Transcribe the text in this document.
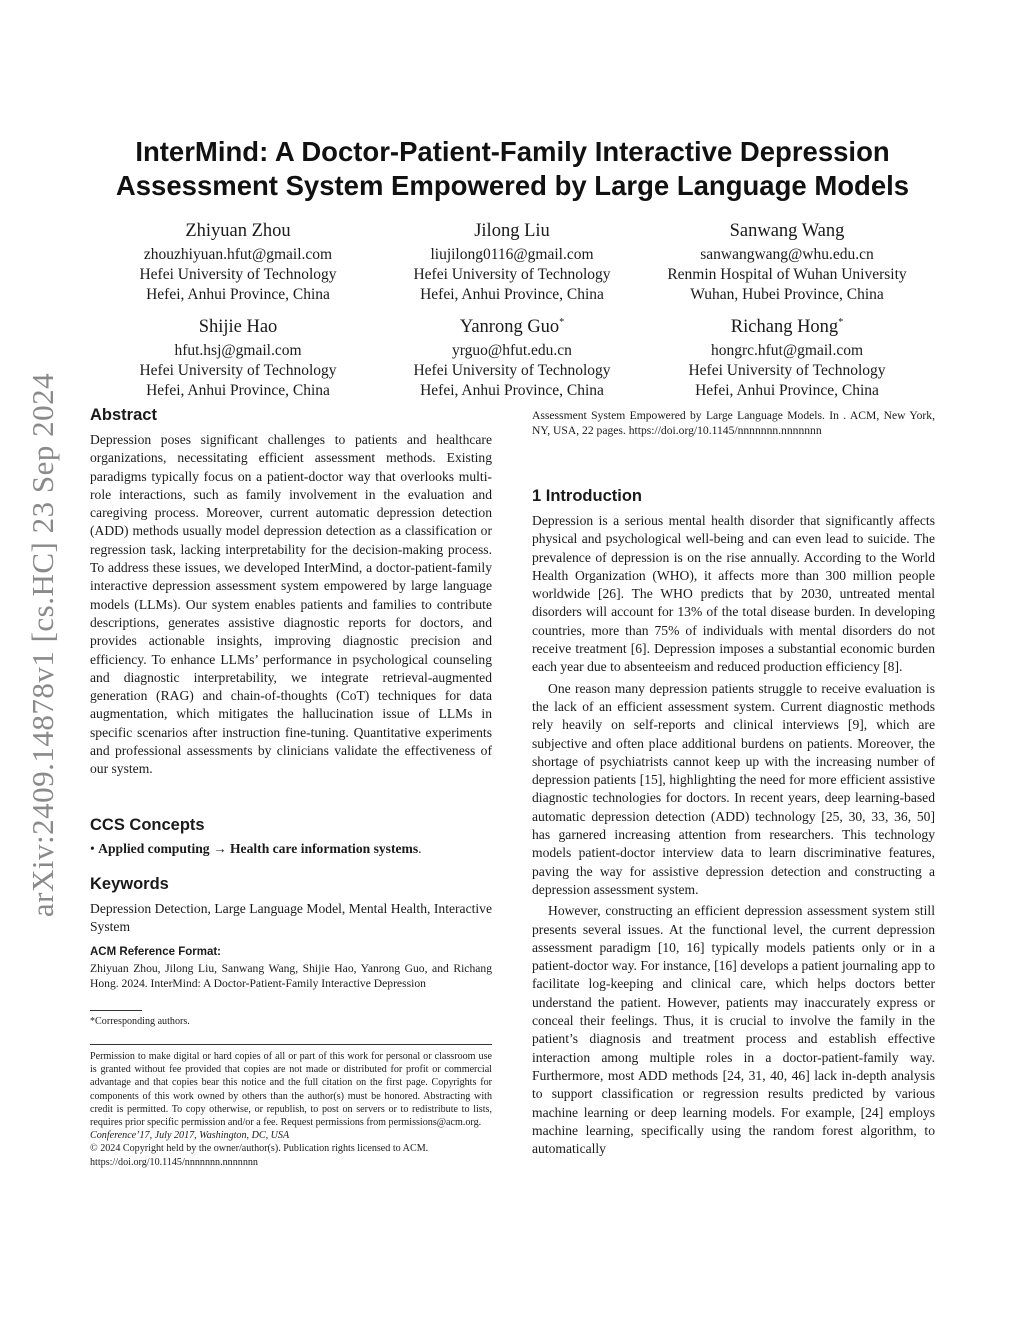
arXiv:2409.14878v1 [cs.HC] 23 Sep 2024
InterMind: A Doctor-Patient-Family Interactive Depression
Assessment System Empowered by Large Language Models
Zhiyuan Zhou
zhouzhiyuan.hfut@gmail.com
Hefei University of Technology
Hefei, Anhui Province, China
Jilong Liu
liujilong0116@gmail.com
Hefei University of Technology
Hefei, Anhui Province, China
Sanwang Wang
sanwangwang@whu.edu.cn
Renmin Hospital of Wuhan University
Wuhan, Hubei Province, China
Shijie Hao
hfut.hsj@gmail.com
Hefei University of Technology
Hefei, Anhui Province, China
Yanrong Guo*
yrguo@hfut.edu.cn
Hefei University of Technology
Hefei, Anhui Province, China
Richang Hong*
hongrc.hfut@gmail.com
Hefei University of Technology
Hefei, Anhui Province, China
Abstract

Depression poses significant challenges to patients and healthcare organizations, necessitating efficient assessment methods. Existing paradigms typically focus on a patient-doctor way that overlooks multi-role interactions, such as family involvement in the evaluation and caregiving process. Moreover, current automatic depression detection (ADD) methods usually model depression detection as a classification or regression task, lacking interpretability for the decision-making process. To address these issues, we developed InterMind, a doctor-patient-family interactive depression assessment system empowered by large language models (LLMs). Our system enables patients and families to contribute descriptions, generates assistive diagnostic reports for doctors, and provides actionable insights, improving diagnostic precision and efficiency. To enhance LLMs’ performance in psychological counseling and diagnostic interpretability, we integrate retrieval-augmented generation (RAG) and chain-of-thoughts (CoT) techniques for data augmentation, which mitigates the hallucination issue of LLMs in specific scenarios after instruction fine-tuning. Quantitative experiments and professional assessments by clinicians validate the effectiveness of our system.

CCS Concepts

• Applied computing → Health care information systems.

Keywords

Depression Detection, Large Language Model, Mental Health, Interactive System

ACM Reference Format:

Zhiyuan Zhou, Jilong Liu, Sanwang Wang, Shijie Hao, Yanrong Guo, and Richang Hong. 2024. InterMind: A Doctor-Patient-Family Interactive Depression

*Corresponding authors.

Permission to make digital or hard copies of all or part of this work for personal or classroom use is granted without fee provided that copies are not made or distributed for profit or commercial advantage and that copies bear this notice and the full citation on the first page. Copyrights for components of this work owned by others than the author(s) must be honored. Abstracting with credit is permitted. To copy otherwise, or republish, to post on servers or to redistribute to lists, requires prior specific permission and/or a fee. Request permissions from permissions@acm.org.

Conference’17, July 2017, Washington, DC, USA

© 2024 Copyright held by the owner/author(s). Publication rights licensed to ACM.

https://doi.org/10.1145/nnnnnnn.nnnnnnn

Assessment System Empowered by Large Language Models. In . ACM, New York, NY, USA, 22 pages. https://doi.org/10.1145/nnnnnnn.nnnnnnn

1 Introduction

Depression is a serious mental health disorder that significantly affects physical and psychological well-being and can even lead to suicide. The prevalence of depression is on the rise annually. According to the World Health Organization (WHO), it affects more than 300 million people worldwide [26]. The WHO predicts that by 2030, untreated mental disorders will account for 13% of the total disease burden. In developing countries, more than 75% of individuals with mental disorders do not receive treatment [6]. Depression imposes a substantial economic burden each year due to absenteeism and reduced production efficiency [8].

One reason many depression patients struggle to receive evaluation is the lack of an efficient assessment system. Current diagnostic methods rely heavily on self-reports and clinical interviews [9], which are subjective and often place additional burdens on patients. Moreover, the shortage of psychiatrists cannot keep up with the increasing number of depression patients [15], highlighting the need for more efficient assistive diagnostic technologies for doctors. In recent years, deep learning-based automatic depression detection (ADD) technology [25, 30, 33, 36, 50] has garnered increasing attention from researchers. This technology models patient-doctor interview data to learn discriminative features, paving the way for assistive depression detection and constructing a depression assessment system.

However, constructing an efficient depression assessment system still presents several issues. At the functional level, the current depression assessment paradigm [10, 16] typically models patients only or in a patient-doctor way. For instance, [16] develops a patient journaling app to facilitate log-keeping and clinical care, which helps doctors better understand the patient. However, patients may inaccurately express or conceal their feelings. Thus, it is crucial to involve the family in the patient’s diagnosis and treatment process and establish effective interaction among multiple roles in a doctor-patient-family way. Furthermore, most ADD methods [24, 31, 40, 46] lack in-depth analysis to support classification or regression results predicted by various machine learning or deep learning models. For example, [24] employs machine learning, specifically using the random forest algorithm, to automatically
